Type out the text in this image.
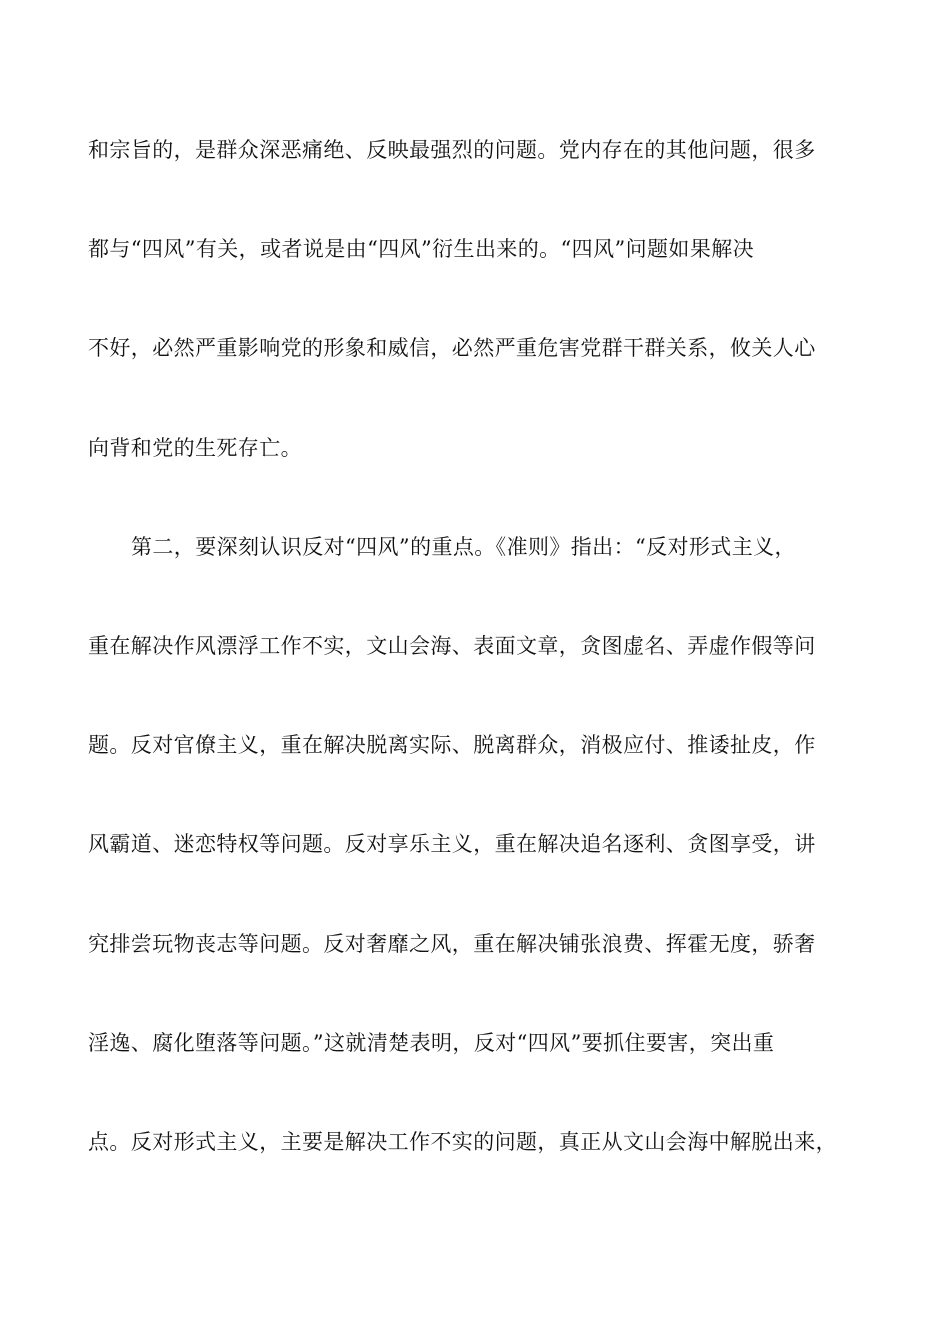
和宗旨的，是群众深恶痛绝、反映最强烈的问题。党内存在的其他问题，很多
都与“四风”有关，或者说是由“四风”衍生出来的。“四风”问题如果解决
不好，必然严重影响党的形象和威信，必然严重危害党群干群关系，攸关人心
向背和党的生死存亡。
第二，要深刻认识反对“四风”的重点。《准则》指出：“反对形式主义，
重在解决作风漂浮工作不实，文山会海、表面文章，贪图虚名、弄虚作假等问
题。反对官僚主义，重在解决脱离实际、脱离群众，消极应付、推诿扯皮，作
风霸道、迷恋特权等问题。反对享乐主义，重在解决追名逐利、贪图享受，讲
究排尝玩物丧志等问题。反对奢靡之风，重在解决铺张浪费、挥霍无度，骄奢
淫逸、腐化堕落等问题。”这就清楚表明，反对“四风”要抓住要害，突出重
点。反对形式主义，主要是解决工作不实的问题，真正从文山会海中解脱出来，
